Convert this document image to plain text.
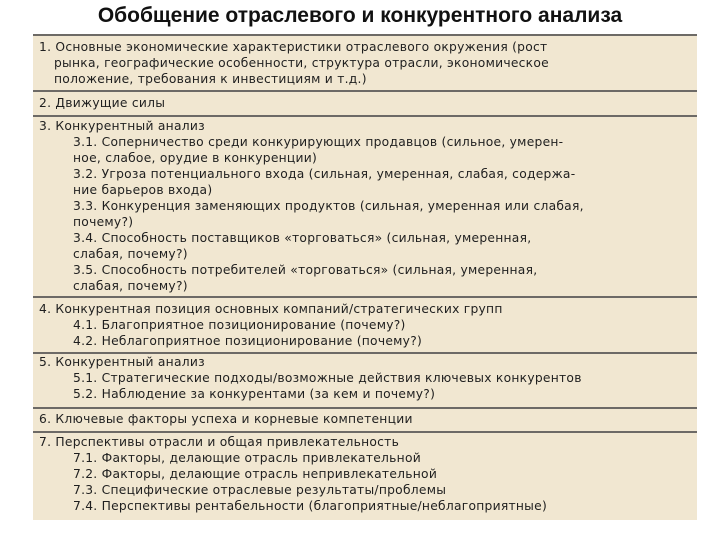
Обобщение отраслевого и конкурентного анализа
1. Основные экономические характеристики отраслевого окружения (рост
рынка, географические особенности, структура отрасли, экономическое
положение, требования к инвестициям и т.д.)
2. Движущие силы
3. Конкурентный анализ
3.1. Соперничество среди конкурирующих продавцов (сильное, умерен-
ное, слабое, орудие в конкуренции)
3.2. Угроза потенциального входа (сильная, умеренная, слабая, содержа-
ние барьеров входа)
3.3. Конкуренция заменяющих продуктов (сильная, умеренная или слабая,
почему?)
3.4. Способность поставщиков «торговаться» (сильная, умеренная,
слабая, почему?)
3.5. Способность потребителей «торговаться» (сильная, умеренная,
слабая, почему?)
4. Конкурентная позиция основных компаний/стратегических групп
4.1. Благоприятное позиционирование (почему?)
4.2. Неблагоприятное позиционирование (почему?)
5. Конкурентный анализ
5.1. Стратегические подходы/возможные действия ключевых конкурентов
5.2. Наблюдение за конкурентами (за кем и почему?)
6. Ключевые факторы успеха и корневые компетенции
7. Перспективы отрасли и общая привлекательность
7.1. Факторы, делающие отрасль привлекательной
7.2. Факторы, делающие отрасль непривлекательной
7.3. Специфические отраслевые результаты/проблемы
7.4. Перспективы рентабельности (благоприятные/неблагоприятные)
